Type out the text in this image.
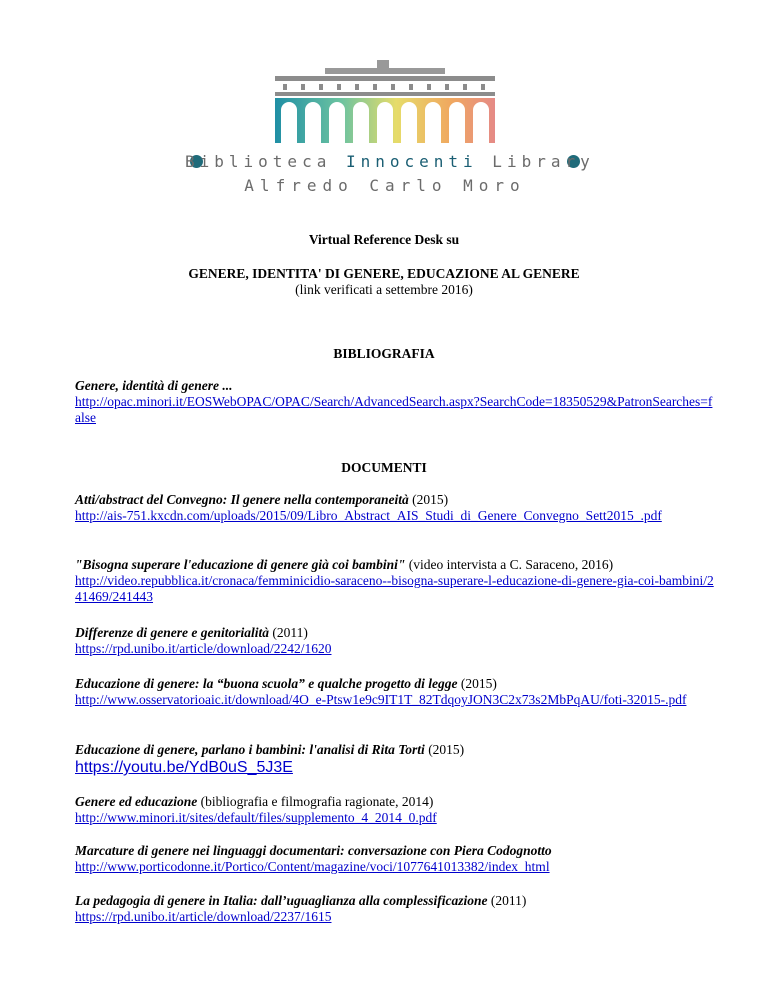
Biblioteca Innocenti Library
Alfredo Carlo Moro
Virtual Reference Desk su
GENERE, IDENTITA' DI GENERE, EDUCAZIONE AL GENERE
(link verificati a settembre 2016)
BIBLIOGRAFIA
Genere, identità di genere ...
http://opac.minori.it/EOSWebOPAC/OPAC/Search/AdvancedSearch.aspx?SearchCode=18350529&PatronSearches=false
DOCUMENTI
Atti/abstract del Convegno: Il genere nella contemporaneità (2015)
http://ais-751.kxcdn.com/uploads/2015/09/Libro_Abstract_AIS_Studi_di_Genere_Convegno_Sett2015_.pdf
"Bisogna superare l'educazione di genere già coi bambini" (video intervista a C. Saraceno, 2016)
http://video.repubblica.it/cronaca/femminicidio-saraceno--bisogna-superare-l-educazione-di-genere-gia-coi-bambini/241469/241443
Differenze di genere e genitorialità (2011)
https://rpd.unibo.it/article/download/2242/1620
Educazione di genere: la “buona scuola” e qualche progetto di legge (2015)
http://www.osservatorioaic.it/download/4O_e-Ptsw1e9c9IT1T_82TdqoyJON3C2x73s2MbPqAU/foti-32015-.pdf
Educazione di genere, parlano i bambini: l'analisi di Rita Torti (2015)
https://youtu.be/YdB0uS_5J3E
Genere ed educazione (bibliografia e filmografia ragionate, 2014)
http://www.minori.it/sites/default/files/supplemento_4_2014_0.pdf
Marcature di genere nei linguaggi documentari: conversazione con Piera Codognotto
http://www.porticodonne.it/Portico/Content/magazine/voci/1077641013382/index_html
La pedagogia di genere in Italia: dall’uguaglianza alla complessificazione (2011)
https://rpd.unibo.it/article/download/2237/1615
